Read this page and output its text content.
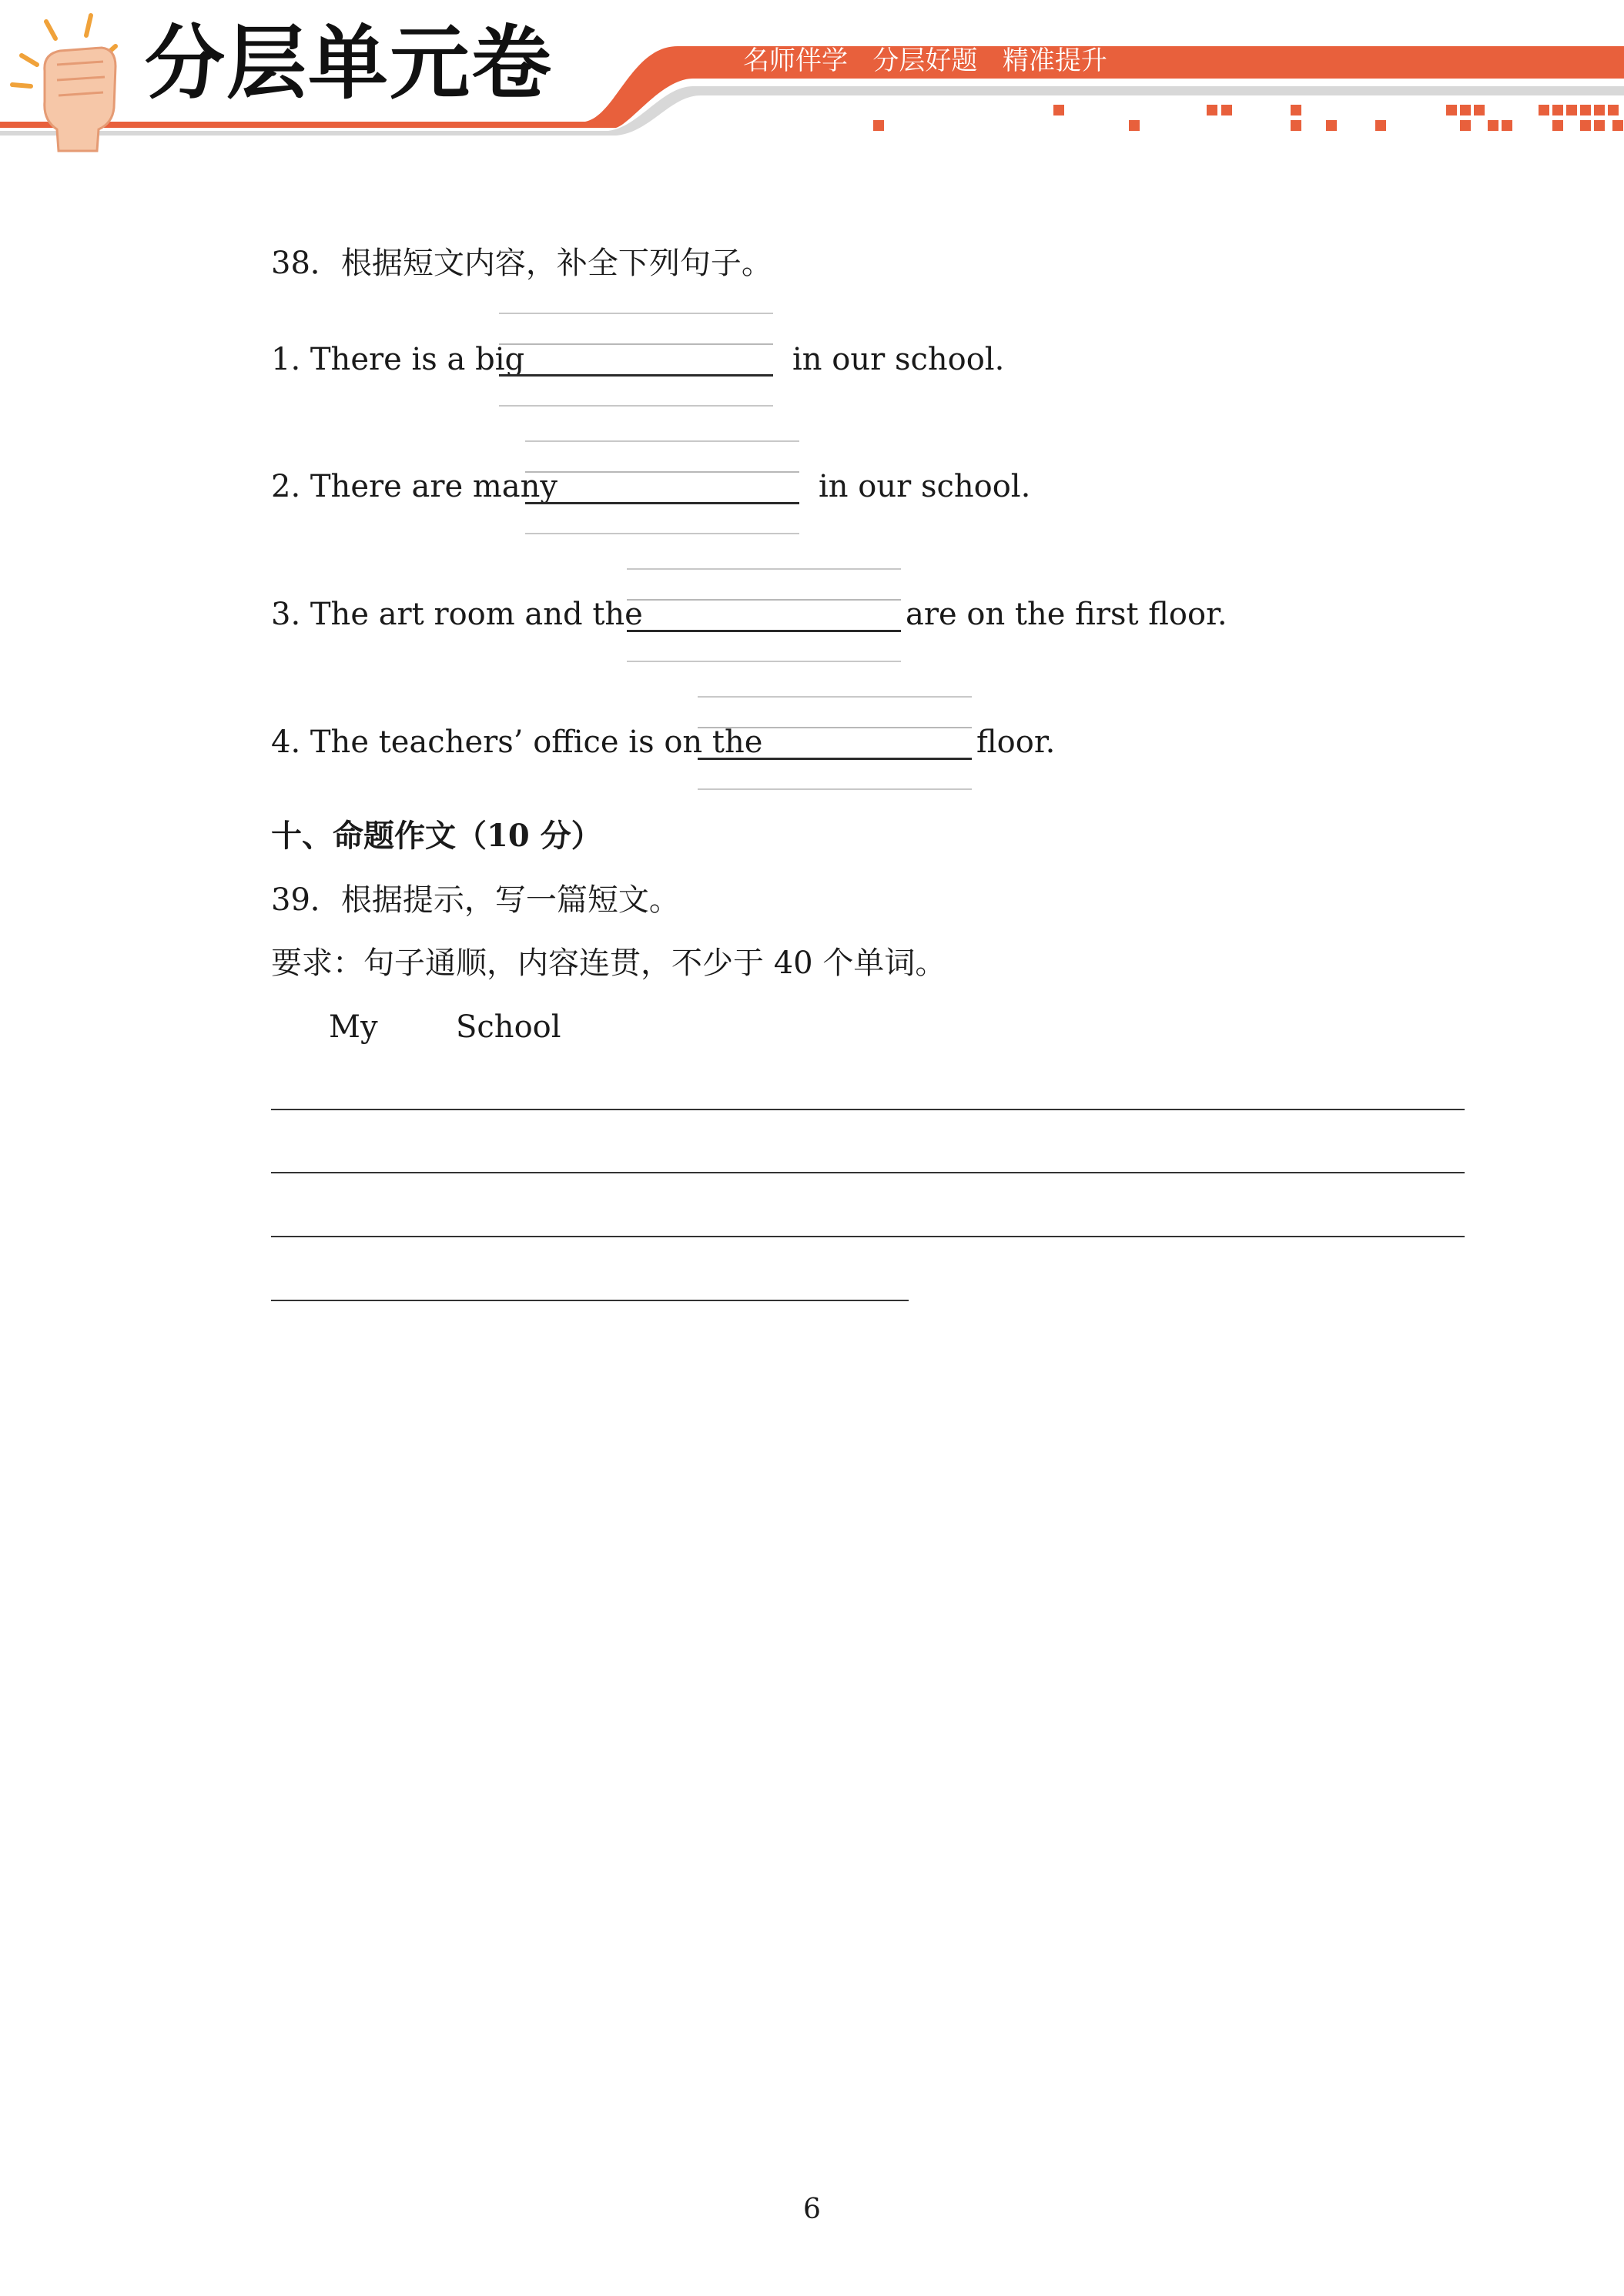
分层单元卷	名师伴学   分层好题   精准提升
38．根据短文内容，补全下列句子。
1. There is a big	in our school.
2. There are many	in our school.
3. The art room and the	are on the first floor.
4. The teachers’ office is on the	floor.
十、命题作文（10 分）
39．根据提示，写一篇短文。
要求：句子通顺，内容连贯，不少于 40 个单词。
My	School
6
